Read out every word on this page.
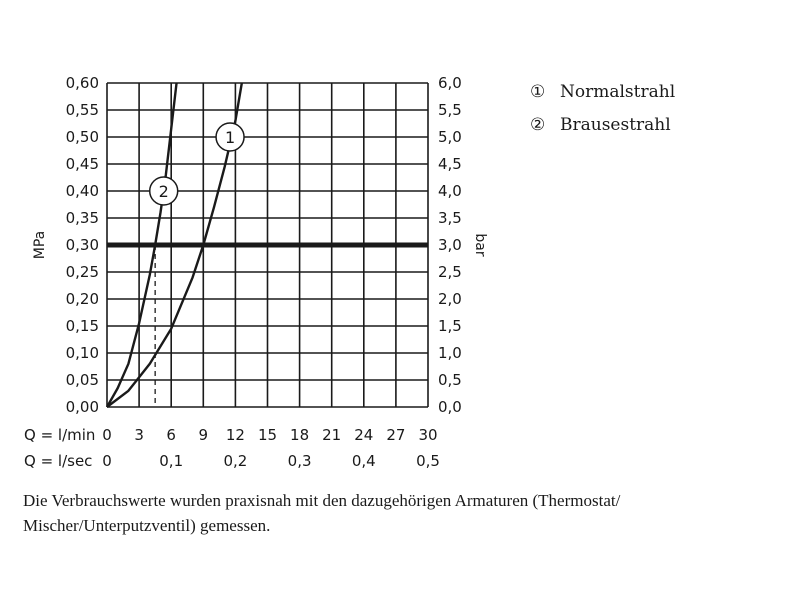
1
2
0,00
0,05
0,10
0,15
0,20
0,25
0,30
0,35
0,40
0,45
0,50
0,55
0,60
0,0
0,5
1,0
1,5
2,0
2,5
3,0
3,5
4,0
4,5
5,0
5,5
6,0
0 3 6 9 12 15 18 21 24 27 30
0	0,1	0,2	0,3	0,4	0,5
MPa	bar
Q = l/min
Q = l/sec
① Normalstrahl
② Brausestrahl
Die Verbrauchswerte wurden praxisnah mit den dazugehörigen Armaturen (Thermostat/ Mischer/Unterputzventil) gemessen.
